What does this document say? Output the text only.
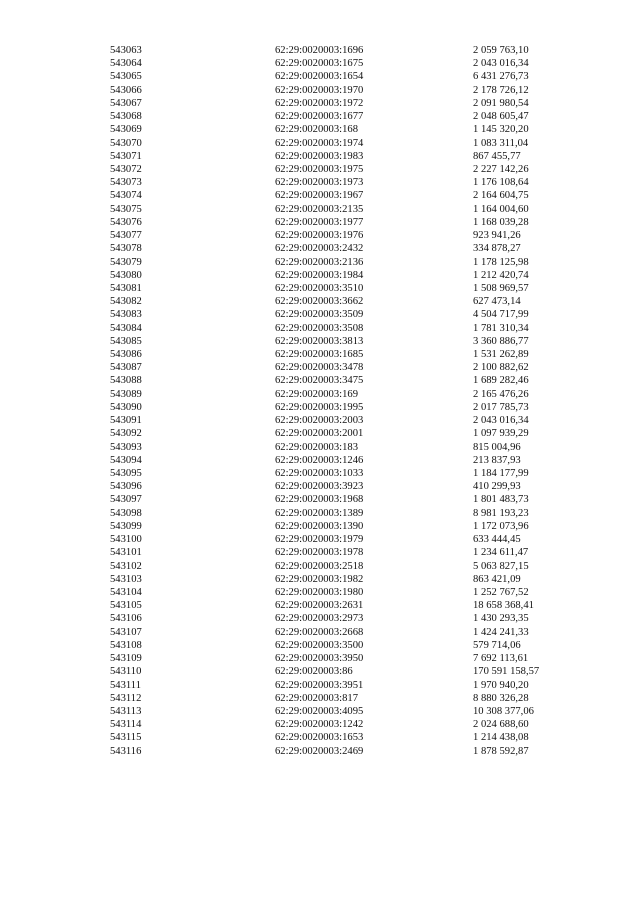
543063	62:29:0020003:1696	2 059 763,10
543064	62:29:0020003:1675	2 043 016,34
543065	62:29:0020003:1654	6 431 276,73
543066	62:29:0020003:1970	2 178 726,12
543067	62:29:0020003:1972	2 091 980,54
543068	62:29:0020003:1677	2 048 605,47
543069	62:29:0020003:168	1 145 320,20
543070	62:29:0020003:1974	1 083 311,04
543071	62:29:0020003:1983	867 455,77
543072	62:29:0020003:1975	2 227 142,26
543073	62:29:0020003:1973	1 176 108,64
543074	62:29:0020003:1967	2 164 604,75
543075	62:29:0020003:2135	1 164 004,60
543076	62:29:0020003:1977	1 168 039,28
543077	62:29:0020003:1976	923 941,26
543078	62:29:0020003:2432	334 878,27
543079	62:29:0020003:2136	1 178 125,98
543080	62:29:0020003:1984	1 212 420,74
543081	62:29:0020003:3510	1 508 969,57
543082	62:29:0020003:3662	627 473,14
543083	62:29:0020003:3509	4 504 717,99
543084	62:29:0020003:3508	1 781 310,34
543085	62:29:0020003:3813	3 360 886,77
543086	62:29:0020003:1685	1 531 262,89
543087	62:29:0020003:3478	2 100 882,62
543088	62:29:0020003:3475	1 689 282,46
543089	62:29:0020003:169	2 165 476,26
543090	62:29:0020003:1995	2 017 785,73
543091	62:29:0020003:2003	2 043 016,34
543092	62:29:0020003:2001	1 097 939,29
543093	62:29:0020003:183	815 004,96
543094	62:29:0020003:1246	213 837,93
543095	62:29:0020003:1033	1 184 177,99
543096	62:29:0020003:3923	410 299,93
543097	62:29:0020003:1968	1 801 483,73
543098	62:29:0020003:1389	8 981 193,23
543099	62:29:0020003:1390	1 172 073,96
543100	62:29:0020003:1979	633 444,45
543101	62:29:0020003:1978	1 234 611,47
543102	62:29:0020003:2518	5 063 827,15
543103	62:29:0020003:1982	863 421,09
543104	62:29:0020003:1980	1 252 767,52
543105	62:29:0020003:2631	18 658 368,41
543106	62:29:0020003:2973	1 430 293,35
543107	62:29:0020003:2668	1 424 241,33
543108	62:29:0020003:3500	579 714,06
543109	62:29:0020003:3950	7 692 113,61
543110	62:29:0020003:86	170 591 158,57
543111	62:29:0020003:3951	1 970 940,20
543112	62:29:0020003:817	8 880 326,28
543113	62:29:0020003:4095	10 308 377,06
543114	62:29:0020003:1242	2 024 688,60
543115	62:29:0020003:1653	1 214 438,08
543116	62:29:0020003:2469	1 878 592,87
